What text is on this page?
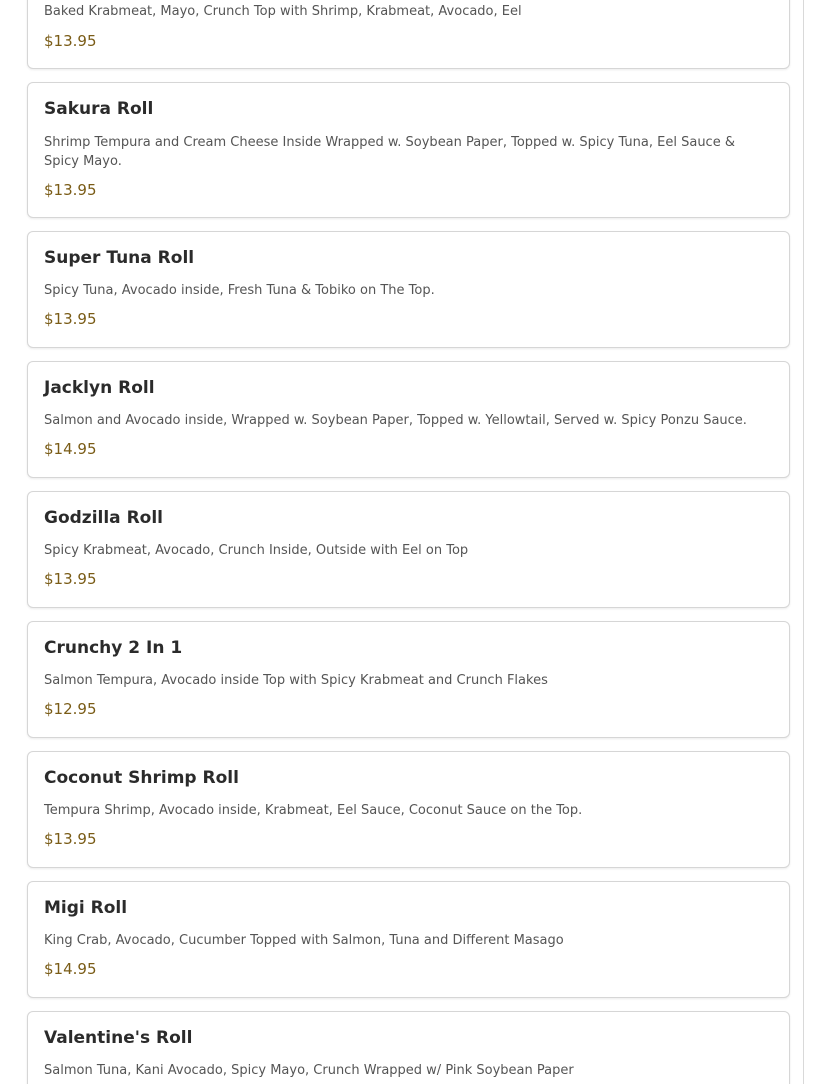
Baked Krabmeat, Mayo, Crunch Top with Shrimp, Krabmeat, Avocado, Eel
$13.95
Sakura Roll
Shrimp Tempura and Cream Cheese Inside Wrapped w. Soybean Paper, Topped w. Spicy Tuna, Eel Sauce & Spicy Mayo.
$13.95
Super Tuna Roll
Spicy Tuna, Avocado inside, Fresh Tuna & Tobiko on The Top.
$13.95
Jacklyn Roll
Salmon and Avocado inside, Wrapped w. Soybean Paper, Topped w. Yellowtail, Served w. Spicy Ponzu Sauce.
$14.95
Godzilla Roll
Spicy Krabmeat, Avocado, Crunch Inside, Outside with Eel on Top
$13.95
Crunchy 2 In 1
Salmon Tempura, Avocado inside Top with Spicy Krabmeat and Crunch Flakes
$12.95
Coconut Shrimp Roll
Tempura Shrimp, Avocado inside, Krabmeat, Eel Sauce, Coconut Sauce on the Top.
$13.95
Migi Roll
King Crab, Avocado, Cucumber Topped with Salmon, Tuna and Different Masago
$14.95
Valentine's Roll
Salmon Tuna, Kani Avocado, Spicy Mayo, Crunch Wrapped w/ Pink Soybean Paper
